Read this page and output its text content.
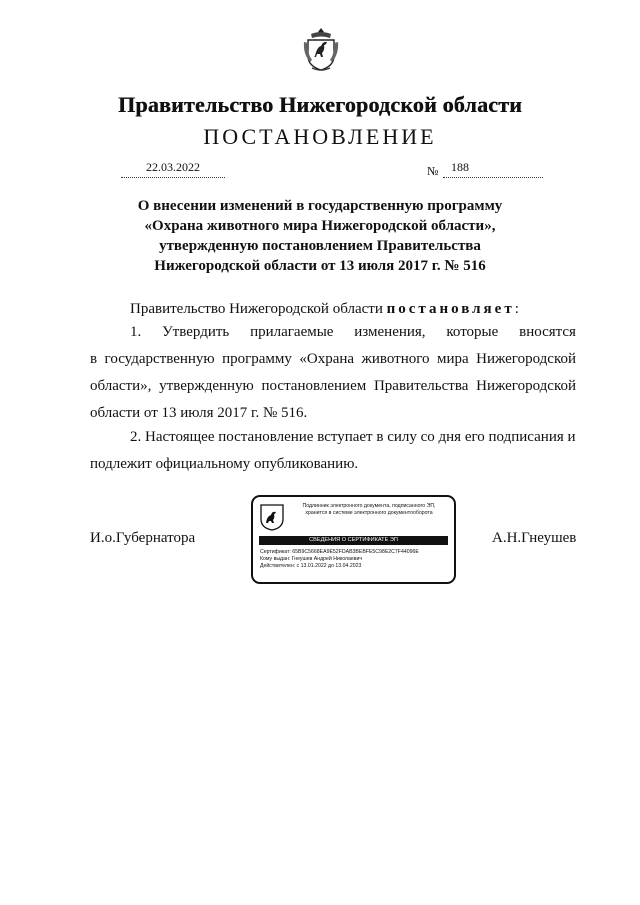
Правительство Нижегородской области
ПОСТАНОВЛЕНИЕ
22.03.2022	№	188
О внесении изменений в государственную программу
«Охрана животного мира Нижегородской области»,
утвержденную постановлением Правительства
Нижегородской области от 13 июля 2017 г. № 516
Правительство Нижегородской области постановляет:
1. Утвердить прилагаемые изменения, которые вносятся
в государственную программу «Охрана животного мира Нижегородской области», утвержденную постановлением Правительства Нижегородской области от 13 июля 2017 г. № 516.
2. Настоящее постановление вступает в силу со дня его подписания и подлежит официальному опубликованию.
И.о.Губернатора
Подлинник электронного документа, подписанного ЭП,
хранится в системе электронного документооборота
СВЕДЕНИЯ О СЕРТИФИКАТЕ ЭП
Сертификат: 65B9C5668EA9E52FDAB3BEBFE5C98E2C7F44096E
Кому выдан: Гнеушев Андрей Николаевич
Действителен: с 13.01.2022 до 13.04.2023
А.Н.Гнеушев
